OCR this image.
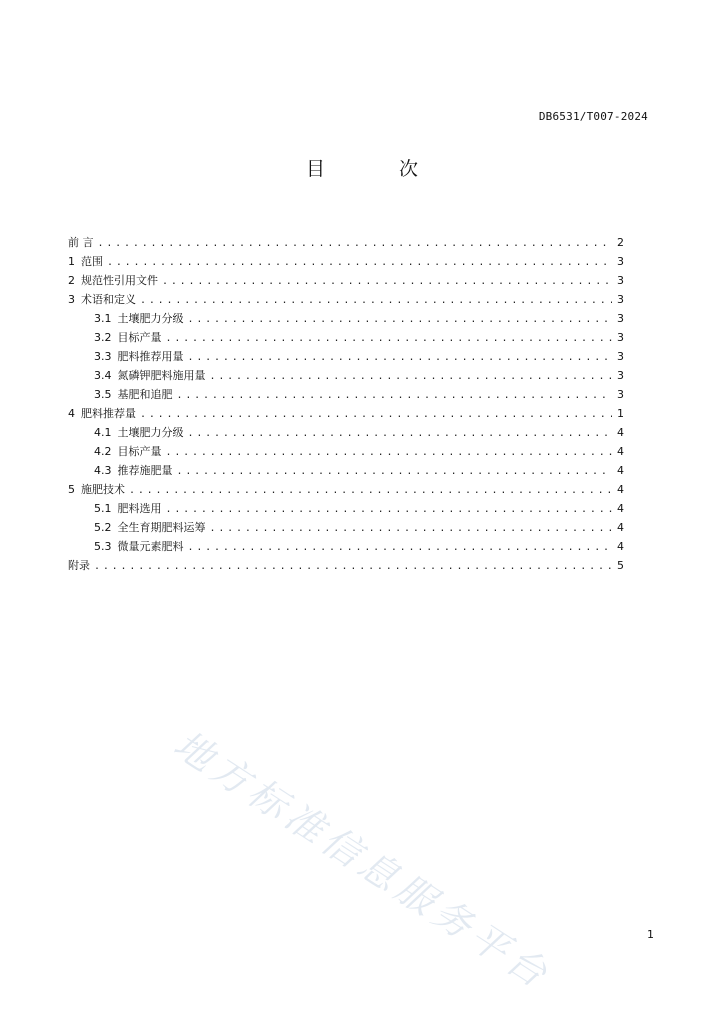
DB6531/T007-2024
目 次
前 言 . . .	2
1 范围 . . .	3
2 规范性引用文件 . . .	3
3 术语和定义 . . .	3
3.1 土壤肥力分级 . . .	3
3.2 目标产量 . . .	3
3.3 肥料推荐用量 . . .	3
3.4 氮磷钾肥料施用量 . . .	3
3.5 基肥和追肥 . . .	3
4 肥料推荐量 . . .	1
4.1 土壤肥力分级 . . .	4
4.2 目标产量 . . .	4
4.3 推荐施肥量 . . .	4
5 施肥技术 . . .	4
5.1 肥料选用 . . .	4
5.2 全生育期肥料运筹 . . .	4
5.3 微量元素肥料 . . .	4
附录 . . .	5
地方标准信息服务平台	1
